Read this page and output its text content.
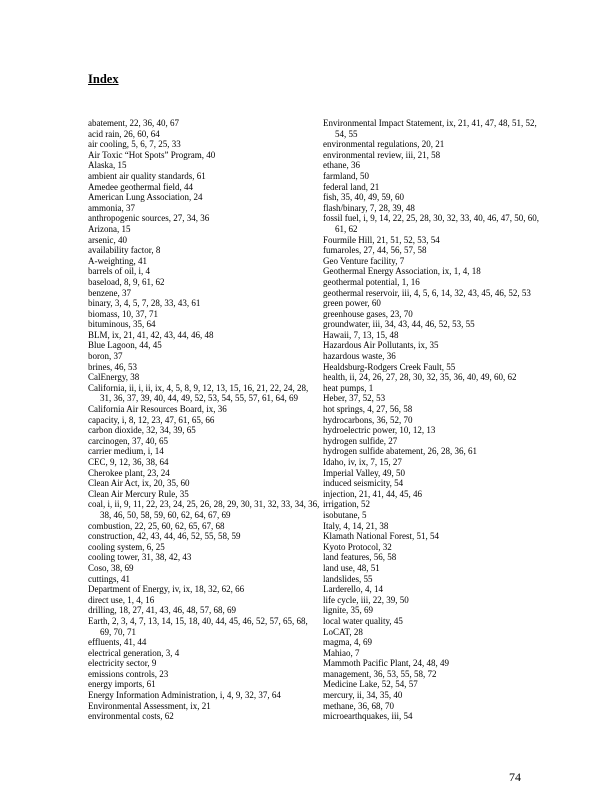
Index
abatement, 22, 36, 40, 67
acid rain, 26, 60, 64
air cooling, 5, 6, 7, 25, 33
Air Toxic “Hot Spots” Program, 40
Alaska, 15
ambient air quality standards, 61
Amedee geothermal field, 44
American Lung Association, 24
ammonia, 37
anthropogenic sources, 27, 34, 36
Arizona, 15
arsenic, 40
availability factor, 8
A-weighting, 41
barrels of oil, i, 4
baseload, 8, 9, 61, 62
benzene, 37
binary, 3, 4, 5, 7, 28, 33, 43, 61
biomass, 10, 37, 71
bituminous, 35, 64
BLM, ix, 21, 41, 42, 43, 44, 46, 48
Blue Lagoon, 44, 45
boron, 37
brines, 46, 53
CalEnergy, 38
California, ii, i, ii, ix, 4, 5, 8, 9, 12, 13, 15, 16, 21, 22, 24, 28, 31, 36, 37, 39, 40, 44, 49, 52, 53, 54, 55, 57, 61, 64, 69
California Air Resources Board, ix, 36
capacity, i, 8, 12, 23, 47, 61, 65, 66
carbon dioxide, 32, 34, 39, 65
carcinogen, 37, 40, 65
carrier medium, i, 14
CEC, 9, 12, 36, 38, 64
Cherokee plant, 23, 24
Clean Air Act, ix, 20, 35, 60
Clean Air Mercury Rule, 35
coal, i, ii, 9, 11, 22, 23, 24, 25, 26, 28, 29, 30, 31, 32, 33, 34, 36, 38, 46, 50, 58, 59, 60, 62, 64, 67, 69
combustion, 22, 25, 60, 62, 65, 67, 68
construction, 42, 43, 44, 46, 52, 55, 58, 59
cooling system, 6, 25
cooling tower, 31, 38, 42, 43
Coso, 38, 69
cuttings, 41
Department of Energy, iv, ix, 18, 32, 62, 66
direct use, 1, 4, 16
drilling, 18, 27, 41, 43, 46, 48, 57, 68, 69
Earth, 2, 3, 4, 7, 13, 14, 15, 18, 40, 44, 45, 46, 52, 57, 65, 68, 69, 70, 71
effluents, 41, 44
electrical generation, 3, 4
electricity sector, 9
emissions controls, 23
energy imports, 61
Energy Information Administration, i, 4, 9, 32, 37, 64
Environmental Assessment, ix, 21
environmental costs, 62
Environmental Impact Statement, ix, 21, 41, 47, 48, 51, 52, 54, 55
environmental regulations, 20, 21
environmental review, iii, 21, 58
ethane, 36
farmland, 50
federal land, 21
fish, 35, 40, 49, 59, 60
flash/binary, 7, 28, 39, 48
fossil fuel, i, 9, 14, 22, 25, 28, 30, 32, 33, 40, 46, 47, 50, 60, 61, 62
Fourmile Hill, 21, 51, 52, 53, 54
fumaroles, 27, 44, 56, 57, 58
Geo Venture facility, 7
Geothermal Energy Association, ix, 1, 4, 18
geothermal potential, 1, 16
geothermal reservoir, iii, 4, 5, 6, 14, 32, 43, 45, 46, 52, 53
green power, 60
greenhouse gases, 23, 70
groundwater, iii, 34, 43, 44, 46, 52, 53, 55
Hawaii, 7, 13, 15, 48
Hazardous Air Pollutants, ix, 35
hazardous waste, 36
Healdsburg-Rodgers Creek Fault, 55
health, ii, 24, 26, 27, 28, 30, 32, 35, 36, 40, 49, 60, 62
heat pumps, 1
Heber, 37, 52, 53
hot springs, 4, 27, 56, 58
hydrocarbons, 36, 52, 70
hydroelectric power, 10, 12, 13
hydrogen sulfide, 27
hydrogen sulfide abatement, 26, 28, 36, 61
Idaho, iv, ix, 7, 15, 27
Imperial Valley, 49, 50
induced seismicity, 54
injection, 21, 41, 44, 45, 46
irrigation, 52
isobutane, 5
Italy, 4, 14, 21, 38
Klamath National Forest, 51, 54
Kyoto Protocol, 32
land features, 56, 58
land use, 48, 51
landslides, 55
Larderello, 4, 14
life cycle, iii, 22, 39, 50
lignite, 35, 69
local water quality, 45
LoCAT, 28
magma, 4, 69
Mahiao, 7
Mammoth Pacific Plant, 24, 48, 49
management, 36, 53, 55, 58, 72
Medicine Lake, 52, 54, 57
mercury, ii, 34, 35, 40
methane, 36, 68, 70
microearthquakes, iii, 54
74
